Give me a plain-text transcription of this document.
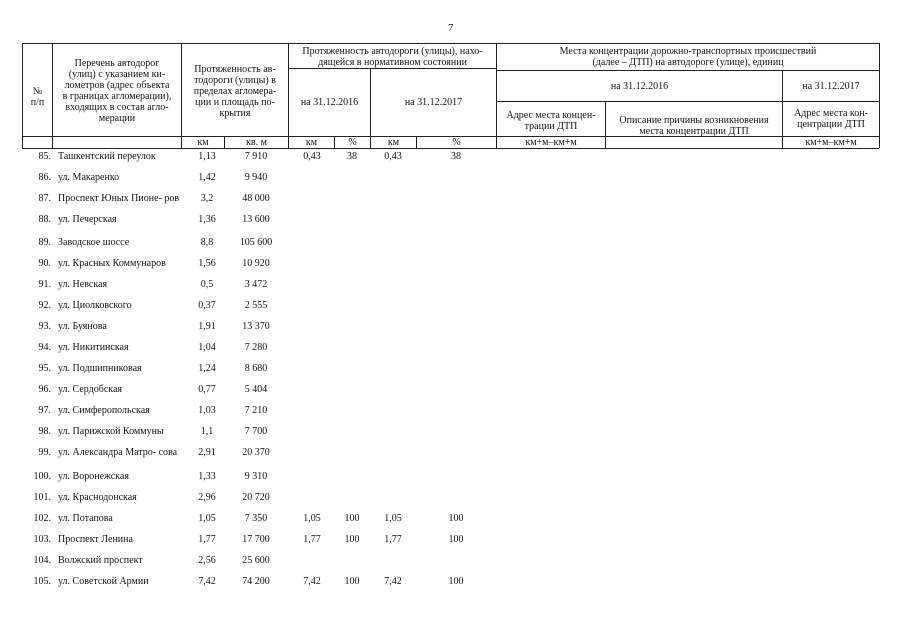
7
№
п/п
Перечень автодорог
(улиц) с указанием ки-
лометров (адрес объекта
в границах агломерации),
входящих в состав агло-
мерации
Протяженность ав-
тодороги (улицы) в
пределах агломера-
ции и площадь по-
крытия
Протяженность автодороги (улицы), нахо-
дящейся в нормативном состоянии
Места концентрации дорожно-транспортных происшествий
(далее – ДТП) на автодороге (улице), единиц
на 31.12.2016	на 31.12.2017
на 31.12.2016	на 31.12.2017
Адрес места концен-
трации ДТП
Описание причины возникновения
места концентрации ДТП
Адрес места кон-
центрации ДТП
км	кв. м	км	%	км	%	км+м–км+м	км+м–км+м
85. Ташкентский переулок	1,13	7 910	0,43	38	0,43	38
86. ул. Макаренко	1,42	9 940
87. Проспект Юных Пионе- ров	3,2	48 000
88. ул. Печерская	1,36	13 600
89. Заводское шоссе	8,8	105 600
90. ул. Красных Коммунаров	1,56	10 920
91. ул. Невская	0,5	3 472
92. ул. Циолковского	0,37	2 555
93. ул. Буянова	1,91	13 370
94. ул. Никитинская	1,04	7 280
95. ул. Подшипниковая	1,24	8 680
96. ул. Сердобская	0,77	5 404
97. ул. Симферопольская	1,03	7 210
98. ул. Парижской Коммуны	1,1	7 700
99. ул. Александра Матро- сова	2,91	20 370
100. ул. Воронежская	1,33	9 310
101. ул. Краснодонская	2,96	20 720
102. ул. Потапова	1,05	7 350	1,05	100	1,05	100
103. Проспект Ленина	1,77	17 700	1,77	100	1,77	100
104. Волжский проспект	2,56	25 600
105. ул. Советской Армии	7,42	74 200	7,42	100	7,42	100
